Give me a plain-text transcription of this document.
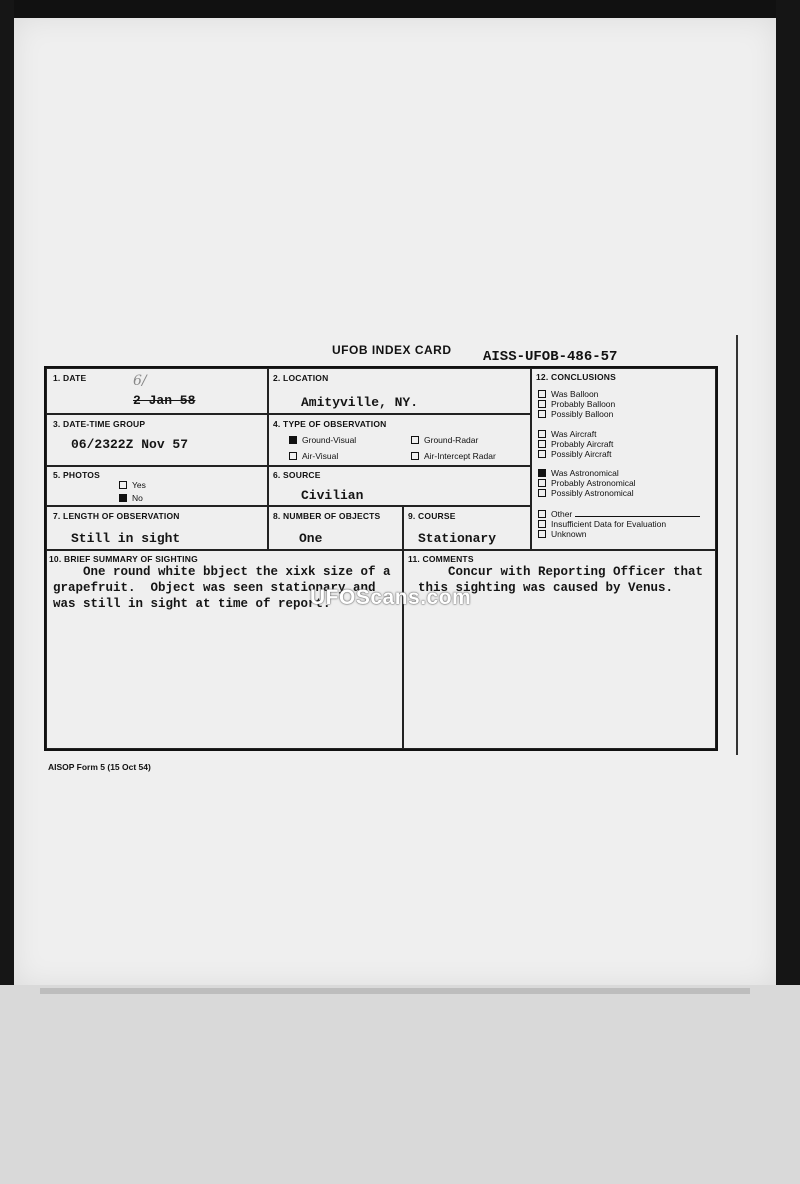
UFOB INDEX CARD AISS-UFOB-486-57
1. DATE	6/
2 Jan 58
2. LOCATION
Amityville, NY.
3. DATE-TIME GROUP
06/2322Z Nov 57
4. TYPE OF OBSERVATION
Ground-Visual	Ground-Radar
Air-Visual	Air-Intercept Radar
5. PHOTOS
Yes
No
6. SOURCE
Civilian
7. LENGTH OF OBSERVATION
Still in sight
8. NUMBER OF OBJECTS
One
9. COURSE
Stationary
12. CONCLUSIONS
Was Balloon
Probably Balloon
Possibly Balloon
Was Aircraft
Probably Aircraft
Possibly Aircraft
Was Astronomical
Probably Astronomical
Possibly Astronomical
Other
Insufficient Data for Evaluation
Unknown
10. BRIEF SUMMARY OF SIGHTING
One round white bbject the xixk size of a
grapefruit.  Object was seen stationary and
was still in sight at time of report.
11. COMMENTS
Concur with Reporting Officer that
this sighting was caused by Venus.
UFOScans.com
AISOP Form 5 (15 Oct 54)
